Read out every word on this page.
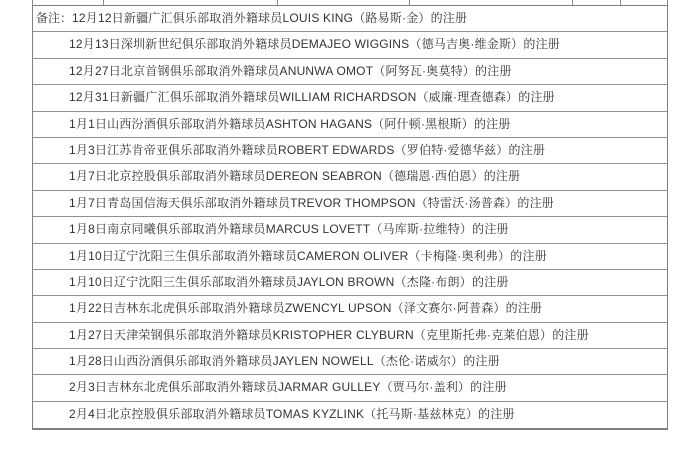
备注：12月12日新疆广汇俱乐部取消外籍球员LOUIS KING（路易斯·金）的注册
12月13日深圳新世纪俱乐部取消外籍球员DEMAJEO WIGGINS（德马吉奥·维金斯）的注册
12月27日北京首钢俱乐部取消外籍球员ANUNWA OMOT（阿努瓦·奥莫特）的注册
12月31日新疆广汇俱乐部取消外籍球员WILLIAM RICHARDSON（威廉·理查德森）的注册
1月1日山西汾酒俱乐部取消外籍球员ASHTON HAGANS（阿什顿·黑根斯）的注册
1月3日江苏肯帝亚俱乐部取消外籍球员ROBERT EDWARDS（罗伯特·爱德华兹）的注册
1月7日北京控股俱乐部取消外籍球员DEREON SEABRON（德瑞恩·西伯恩）的注册
1月7日青岛国信海天俱乐部取消外籍球员TREVOR THOMPSON（特雷沃·汤普森）的注册
1月8日南京同曦俱乐部取消外籍球员MARCUS LOVETT（马库斯·拉维特）的注册
1月10日辽宁沈阳三生俱乐部取消外籍球员CAMERON OLIVER（卡梅隆·奥利弗）的注册
1月10日辽宁沈阳三生俱乐部取消外籍球员JAYLON BROWN（杰隆·布朗）的注册
1月22日吉林东北虎俱乐部取消外籍球员ZWENCYL UPSON（泽文赛尔·阿普森）的注册
1月27日天津荣钢俱乐部取消外籍球员KRISTOPHER CLYBURN（克里斯托弗·克莱伯恩）的注册
1月28日山西汾酒俱乐部取消外籍球员JAYLEN NOWELL（杰伦·诺威尔）的注册
2月3日吉林东北虎俱乐部取消外籍球员JARMAR GULLEY（贾马尔·盖利）的注册
2月4日北京控股俱乐部取消外籍球员TOMAS KYZLINK（托马斯·基兹林克）的注册
